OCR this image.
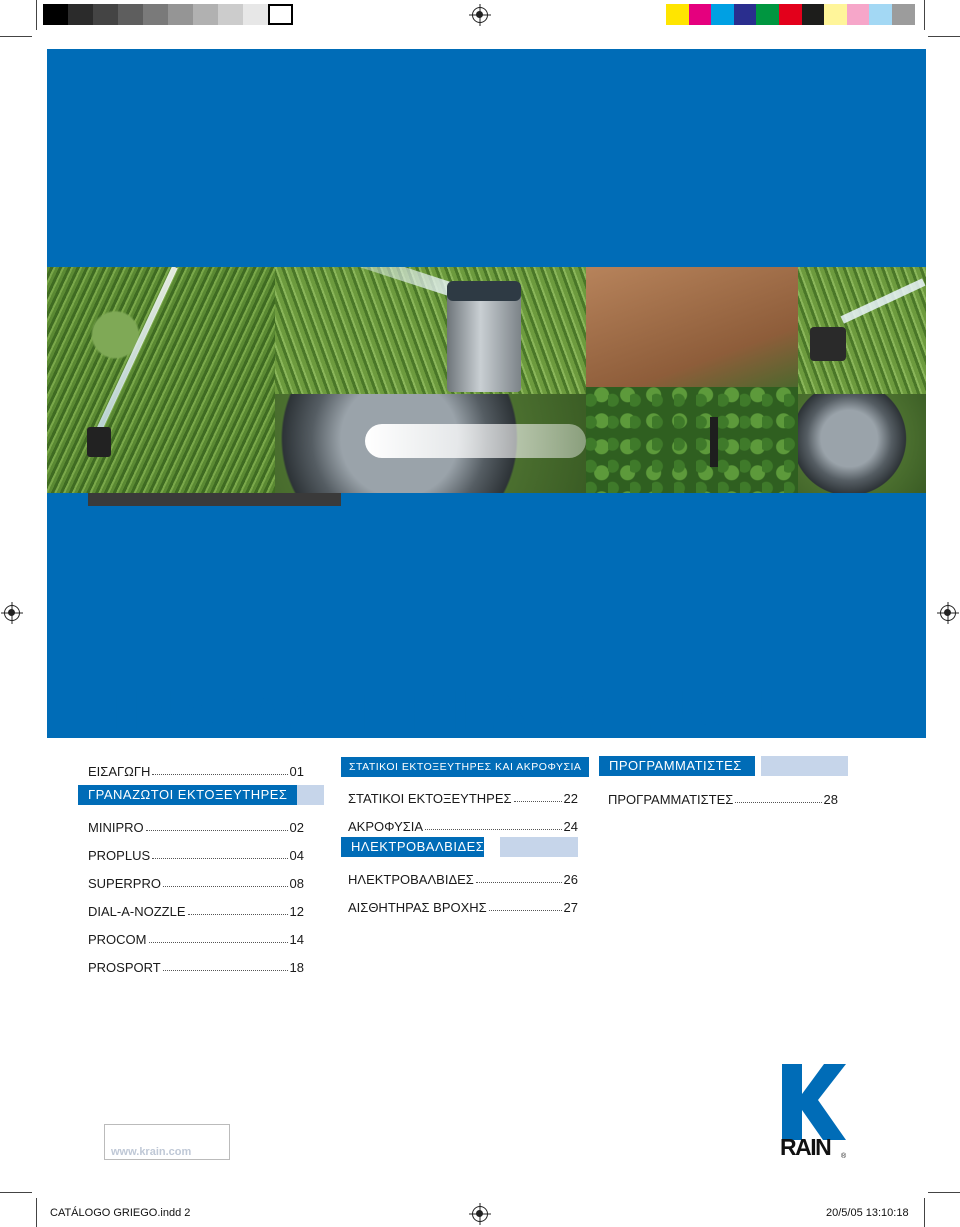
ΠΙΝΑΚΑΣ ΠΕΡΙΕΧΟΜΕΝΩΝ
ΕΙΣΑΓΩΓΗ	01
ΓΡΑΝΑΖΩΤΟΙ ΕΚΤΟΞΕΥΤΗΡΕΣ
MINIPRO	02
PROPLUS	04
SUPERPRO	08
DIAL-A-NOZZLE	12
PROCOM	14
PROSPORT	18
ΣΤΑΤΙΚΟΙ ΕΚΤΟΞΕΥΤΗΡΕΣ ΚΑΙ ΑΚΡΟΦΥΣΙΑ
ΣΤΑΤΙΚΟΙ ΕΚΤΟΞΕΥΤΗΡΕΣ	22
ΑΚΡΟΦΥΣΙΑ	24
ΗΛΕΚΤΡΟΒΑΛΒΙΔΕΣ
ΗΛΕΚΤΡΟΒΑΛΒΙΔΕΣ	26
ΑΙΣΘΗΤΗΡΑΣ ΒΡΟΧΗΣ	27
ΠΡΟΓΡΑΜΜΑΤΙΣΤΕΣ
ΠΡΟΓΡΑΜΜΑΤΙΣΤΕΣ	28
RAIN ®
www.krain.com
CATÁLOGO GRIEGO.indd 2	20/5/05 13:10:18
